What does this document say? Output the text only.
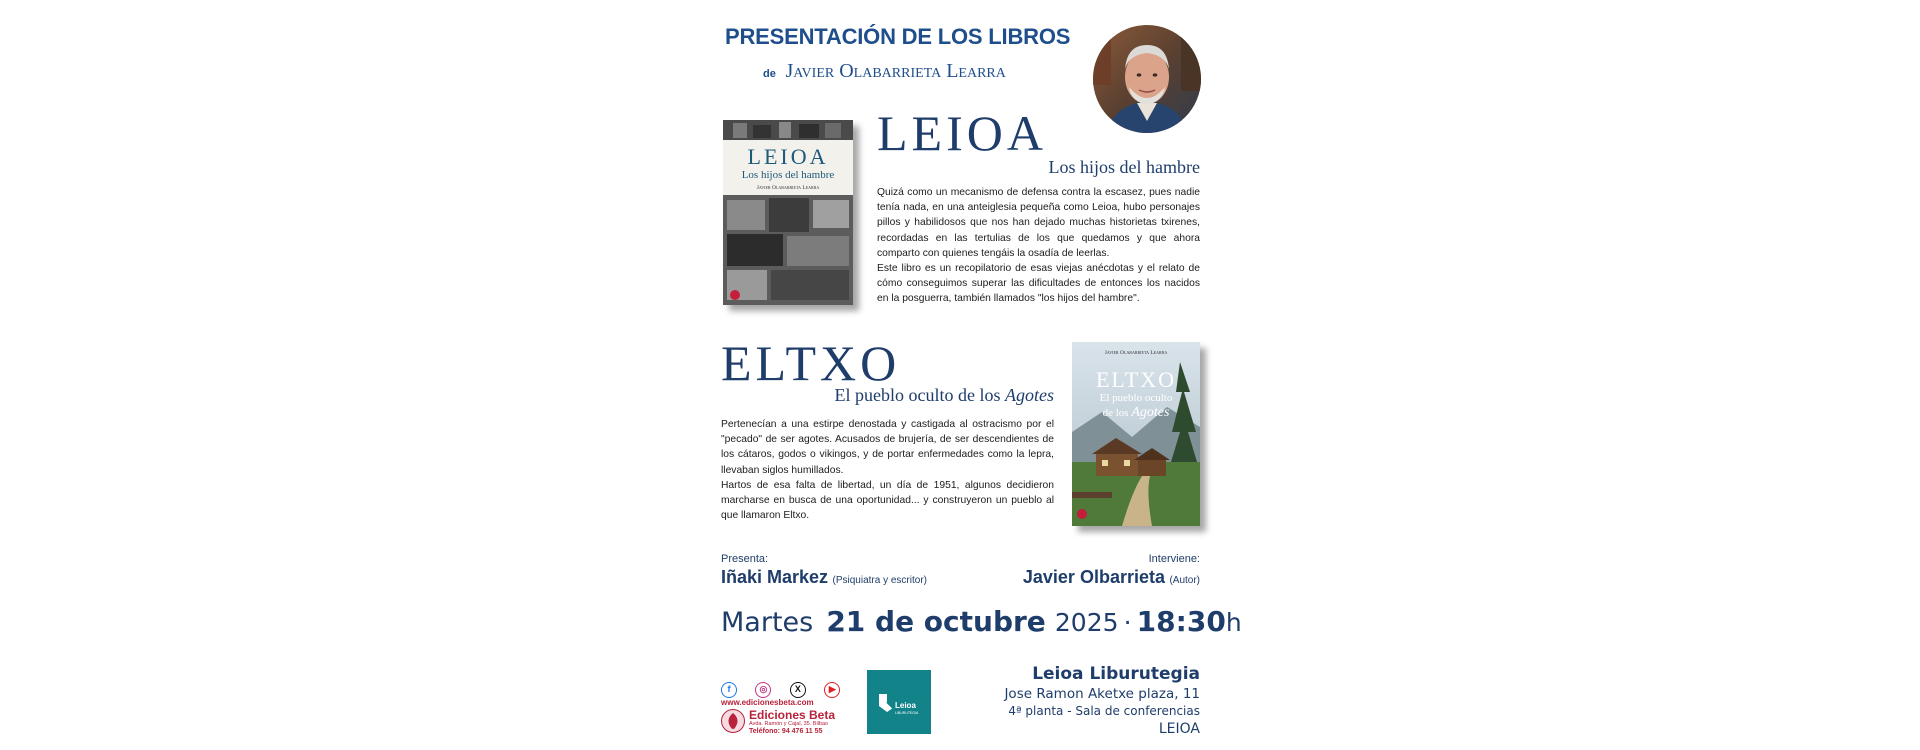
PRESENTACIÓN DE LOS LIBROS
de Javier Olabarrieta Learra
LEIOA
Los hijos del hambre
Javier Olabarrieta Learra
LEIOA
Los hijos del hambre

Quizá como un mecanismo de defensa contra la escasez, pues nadie tenía nada, en una anteiglesia pequeña como Leioa, hubo personajes pillos y habilidosos que nos han dejado muchas historietas txirenes, recordadas en las tertulias de los que quedamos y que ahora comparto con quienes tengáis la osadía de leerlas.

Este libro es un recopilatorio de esas viejas anécdotas y el relato de cómo conseguimos superar las dificultades de entonces los nacidos en la posguerra, también llamados "los hijos del hambre".

ELTXO
El pueblo oculto de los Agotes

Pertenecían a una estirpe denostada y castigada al ostracismo por el "pecado" de ser agotes. Acusados de brujería, de ser descendientes de los cátaros, godos o vikingos, y de portar enfermedades como la lepra, llevaban siglos humillados.

Hartos de esa falta de libertad, un día de 1951, algunos decidieron marcharse en busca de una oportunidad... y construyeron un pueblo al que llamaron Eltxo.

Javier Olabarrieta Learra
ELTXO
El pueblo oculto
de los Agotes
Presenta:
Iñaki Markez (Psiquiatra y escritor)
Interviene:
Javier Olbarrieta (Autor)
Martes 21 de octubre 2025 · 18:30h
f	◎	X	▶
www.edicionesbeta.com
Ediciones Beta
Avda. Ramón y Cajal, 35. Bilbao
Teléfono: 94 476 11 55
Leioa
LIBURUTEGIA
Leioa Liburutegia
Jose Ramon Aketxe plaza, 11
4ª planta - Sala de conferencias
LEIOA
